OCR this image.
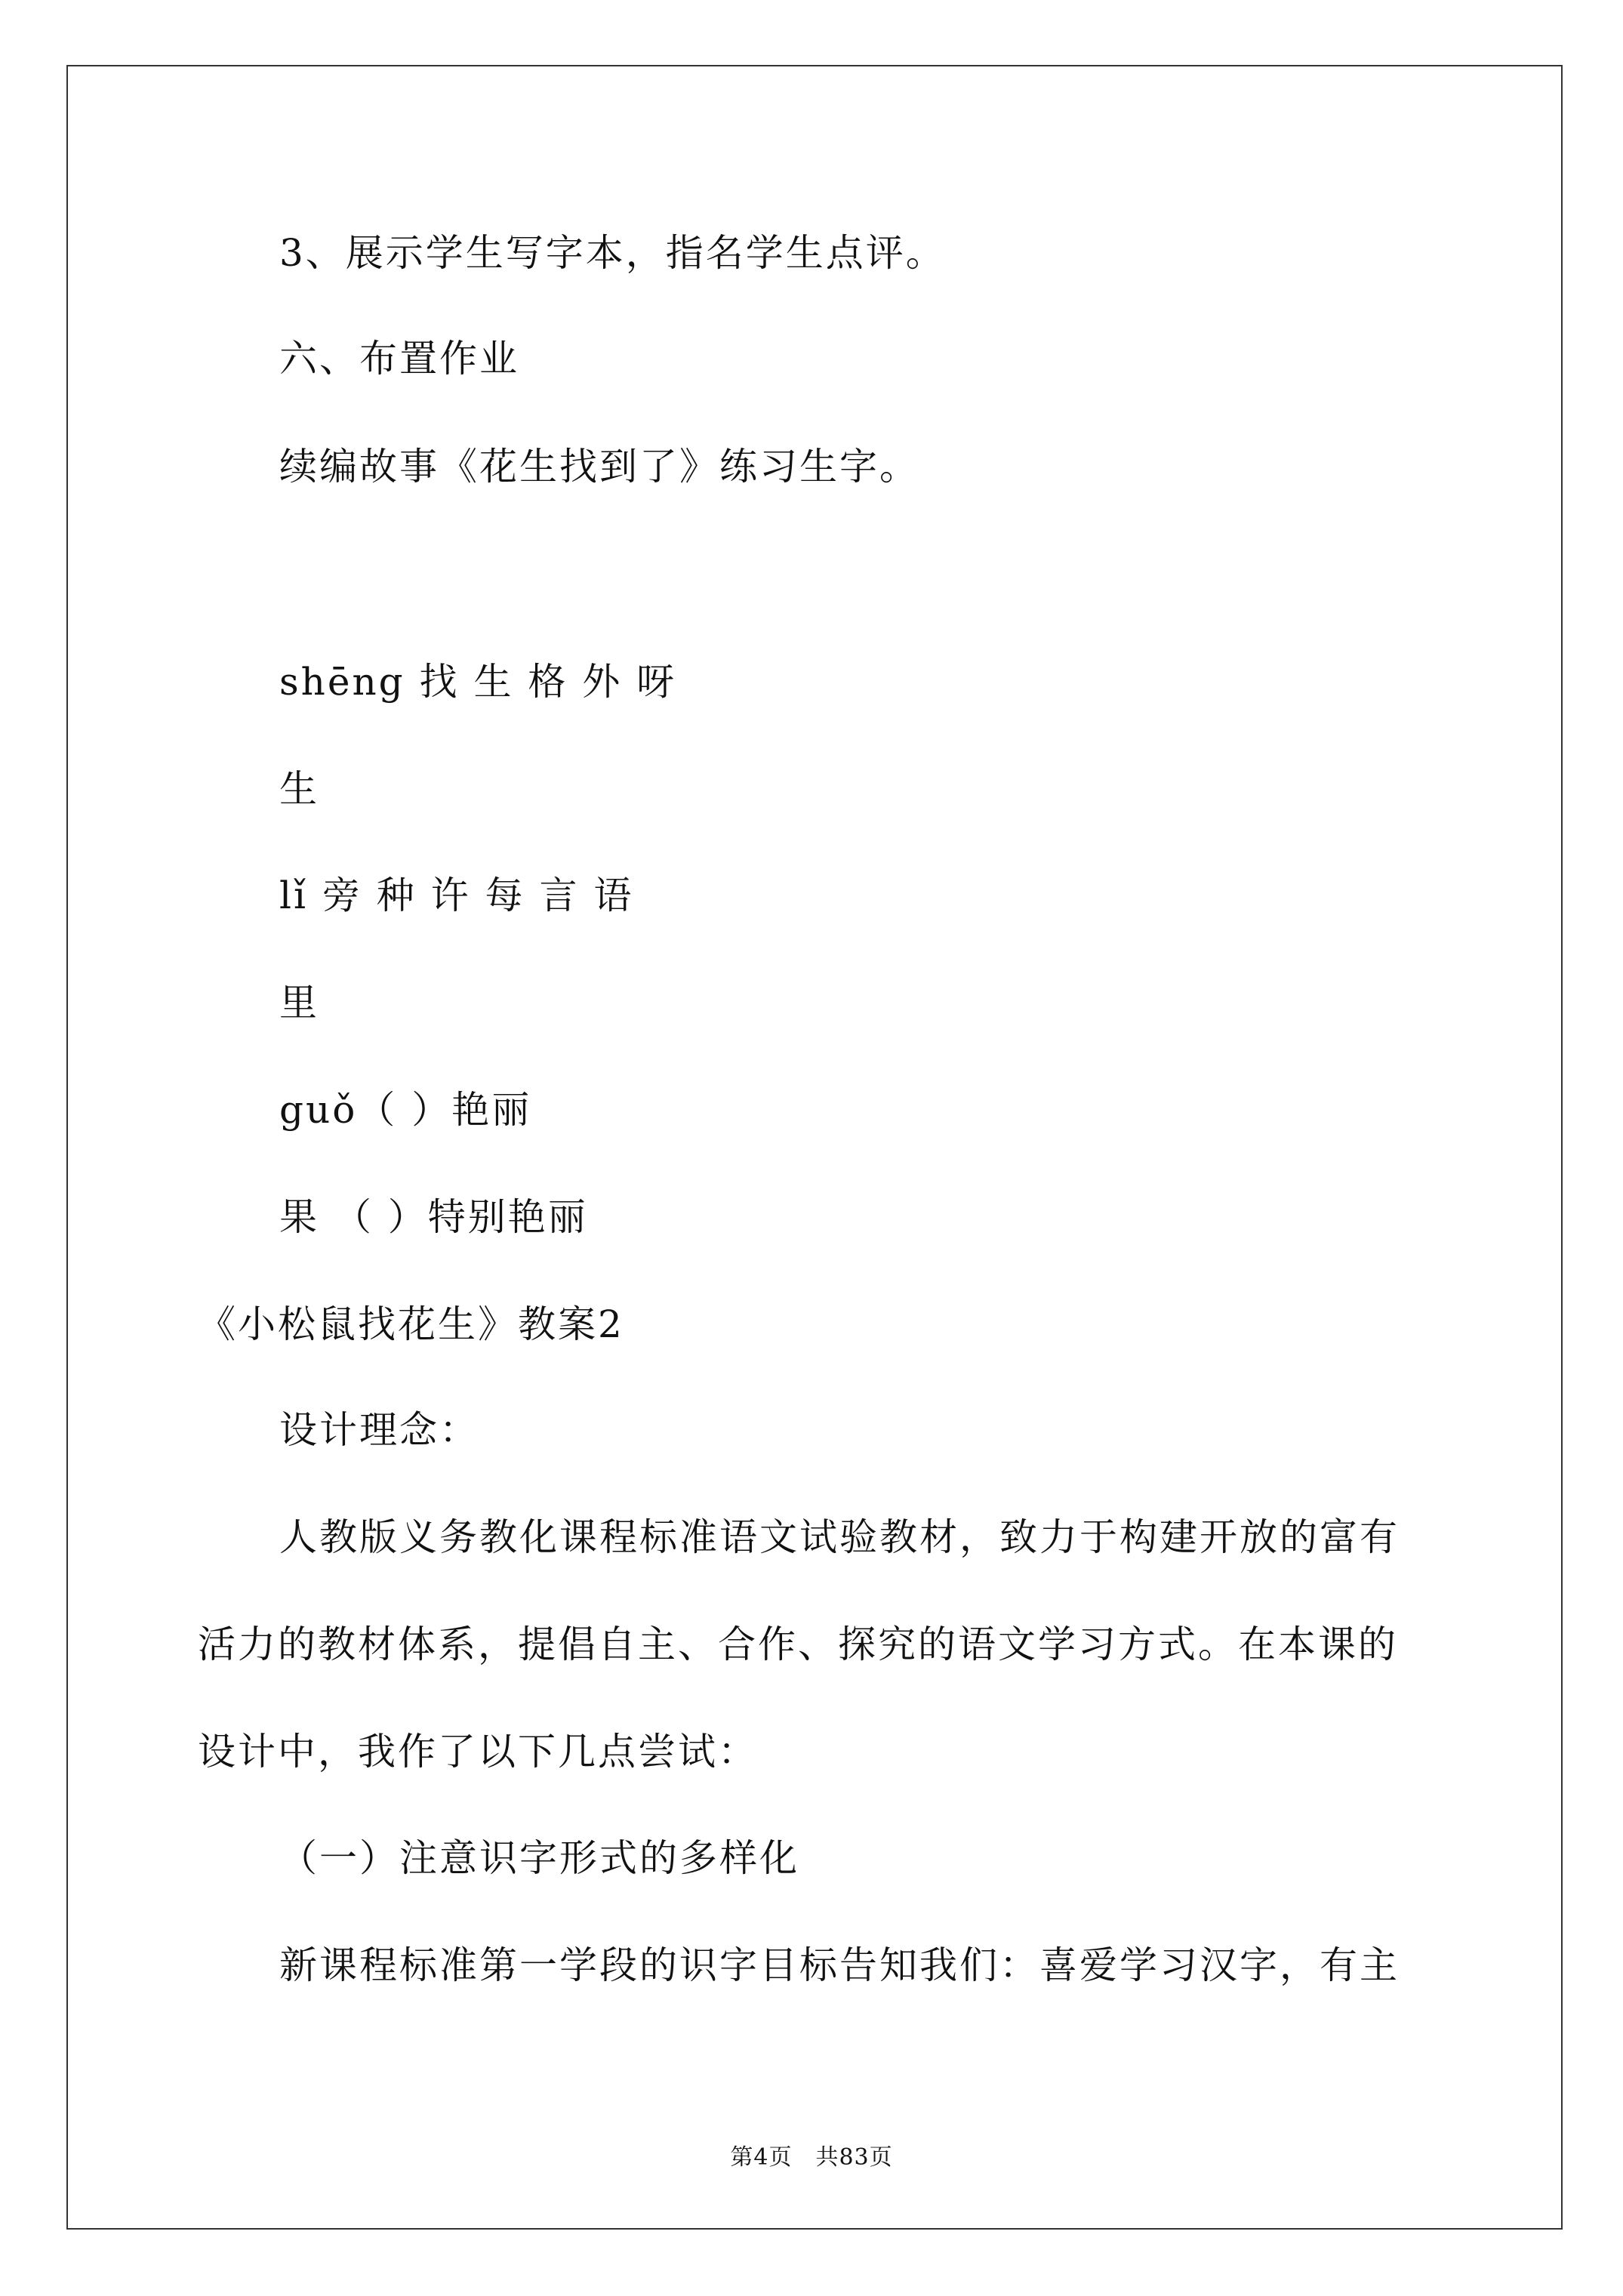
3、展示学生写字本，指名学生点评。
六、布置作业
续编故事《花生找到了》练习生字。
shēng 找 生 格 外 呀
生
lǐ 旁 种 许 每 言 语
里
guǒ（ ）艳丽
果 （ ）特别艳丽
《小松鼠找花生》教案2
设计理念：
人教版义务教化课程标准语文试验教材，致力于构建开放的富有
活力的教材体系，提倡自主、合作、探究的语文学习方式。在本课的
设计中，我作了以下几点尝试：
（一）注意识字形式的多样化
新课程标准第一学段的识字目标告知我们：喜爱学习汉字，有主
第4页　共83页
